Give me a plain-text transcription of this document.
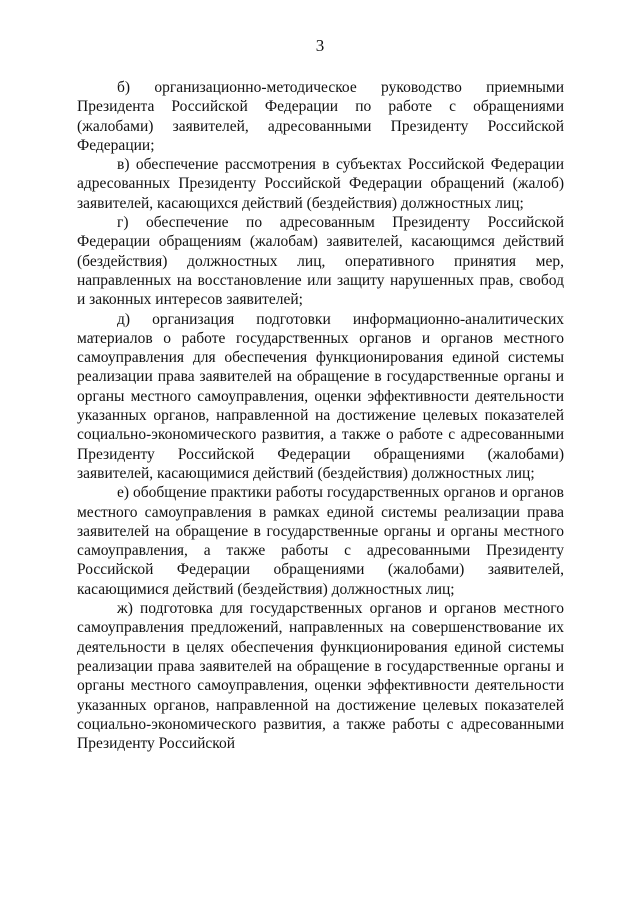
3

б) организационно-методическое руководство приемными Президента Российской Федерации по работе с обращениями (жалобами) заявителей, адресованными Президенту Российской Федерации;

в) обеспечение рассмотрения в субъектах Российской Федерации адресованных Президенту Российской Федерации обращений (жалоб) заявителей, касающихся действий (бездействия) должностных лиц;

г) обеспечение по адресованным Президенту Российской Федерации обращениям (жалобам) заявителей, касающимся действий (бездействия) должностных лиц, оперативного принятия мер, направленных на восстановление или защиту нарушенных прав, свобод и законных интересов заявителей;

д) организация подготовки информационно-аналитических материалов о работе государственных органов и органов местного самоуправления для обеспечения функционирования единой системы реализации права заявителей на обращение в государственные органы и органы местного самоуправления, оценки эффективности деятельности указанных органов, направленной на достижение целевых показателей социально-экономического развития, а также о работе с адресованными Президенту Российской Федерации обращениями (жалобами) заявителей, касающимися действий (бездействия) должностных лиц;

е) обобщение практики работы государственных органов и органов местного самоуправления в рамках единой системы реализации права заявителей на обращение в государственные органы и органы местного самоуправления, а также работы с адресованными Президенту Российской Федерации обращениями (жалобами) заявителей, касающимися действий (бездействия) должностных лиц;

ж) подготовка для государственных органов и органов местного самоуправления предложений, направленных на совершенствование их деятельности в целях обеспечения функционирования единой системы реализации права заявителей на обращение в государственные органы и органы местного самоуправления, оценки эффективности деятельности указанных органов, направленной на достижение целевых показателей социально-экономического развития, а также работы с адресованными Президенту Российской
